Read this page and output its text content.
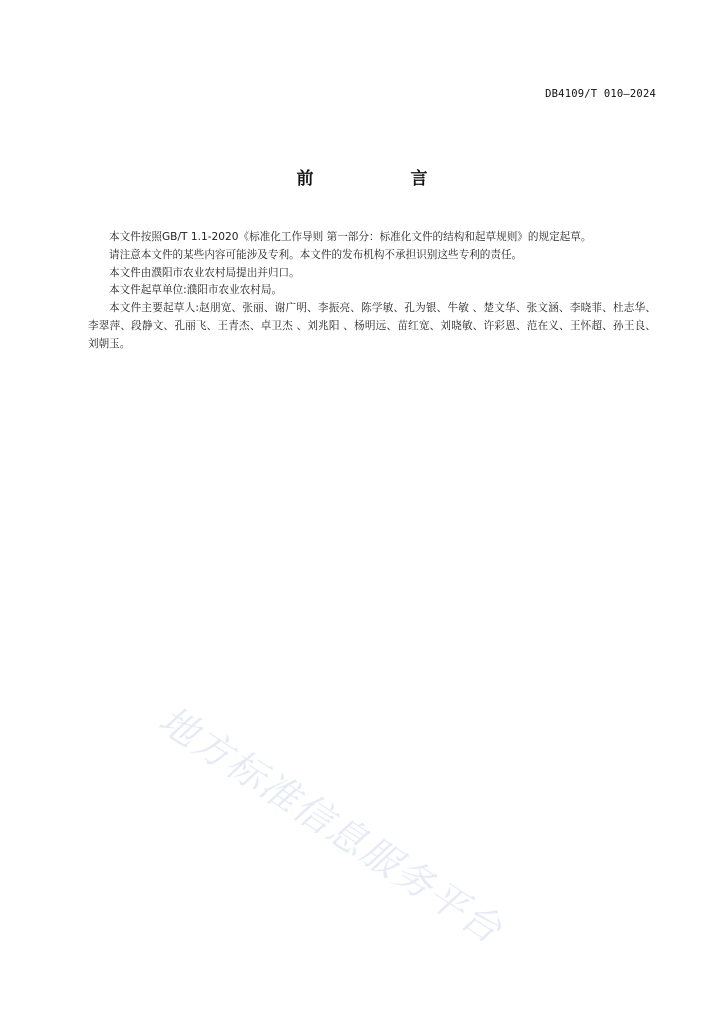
DB4109/T 010—2024
前　言

本文件按照GB/T 1.1-2020《标准化工作导则 第一部分：标准化文件的结构和起草规则》的规定起草。

请注意本文件的某些内容可能涉及专利。本文件的发布机构不承担识别这些专利的责任。

本文件由濮阳市农业农村局提出并归口。

本文件起草单位:濮阳市农业农村局。

本文件主要起草人:赵朋宽、张丽、谢广明、李振亮、陈学敏、孔为银、牛敏 、楚文华、张文涵、李晓菲、杜志华、李翠萍、段静文、孔丽飞、王青杰、卓卫杰 、刘兆阳 、杨明远、苗红宽、刘晓敏、许彩恩、范在义、王怀超、孙王良、刘朝玉。

地方标准信息服务平台
